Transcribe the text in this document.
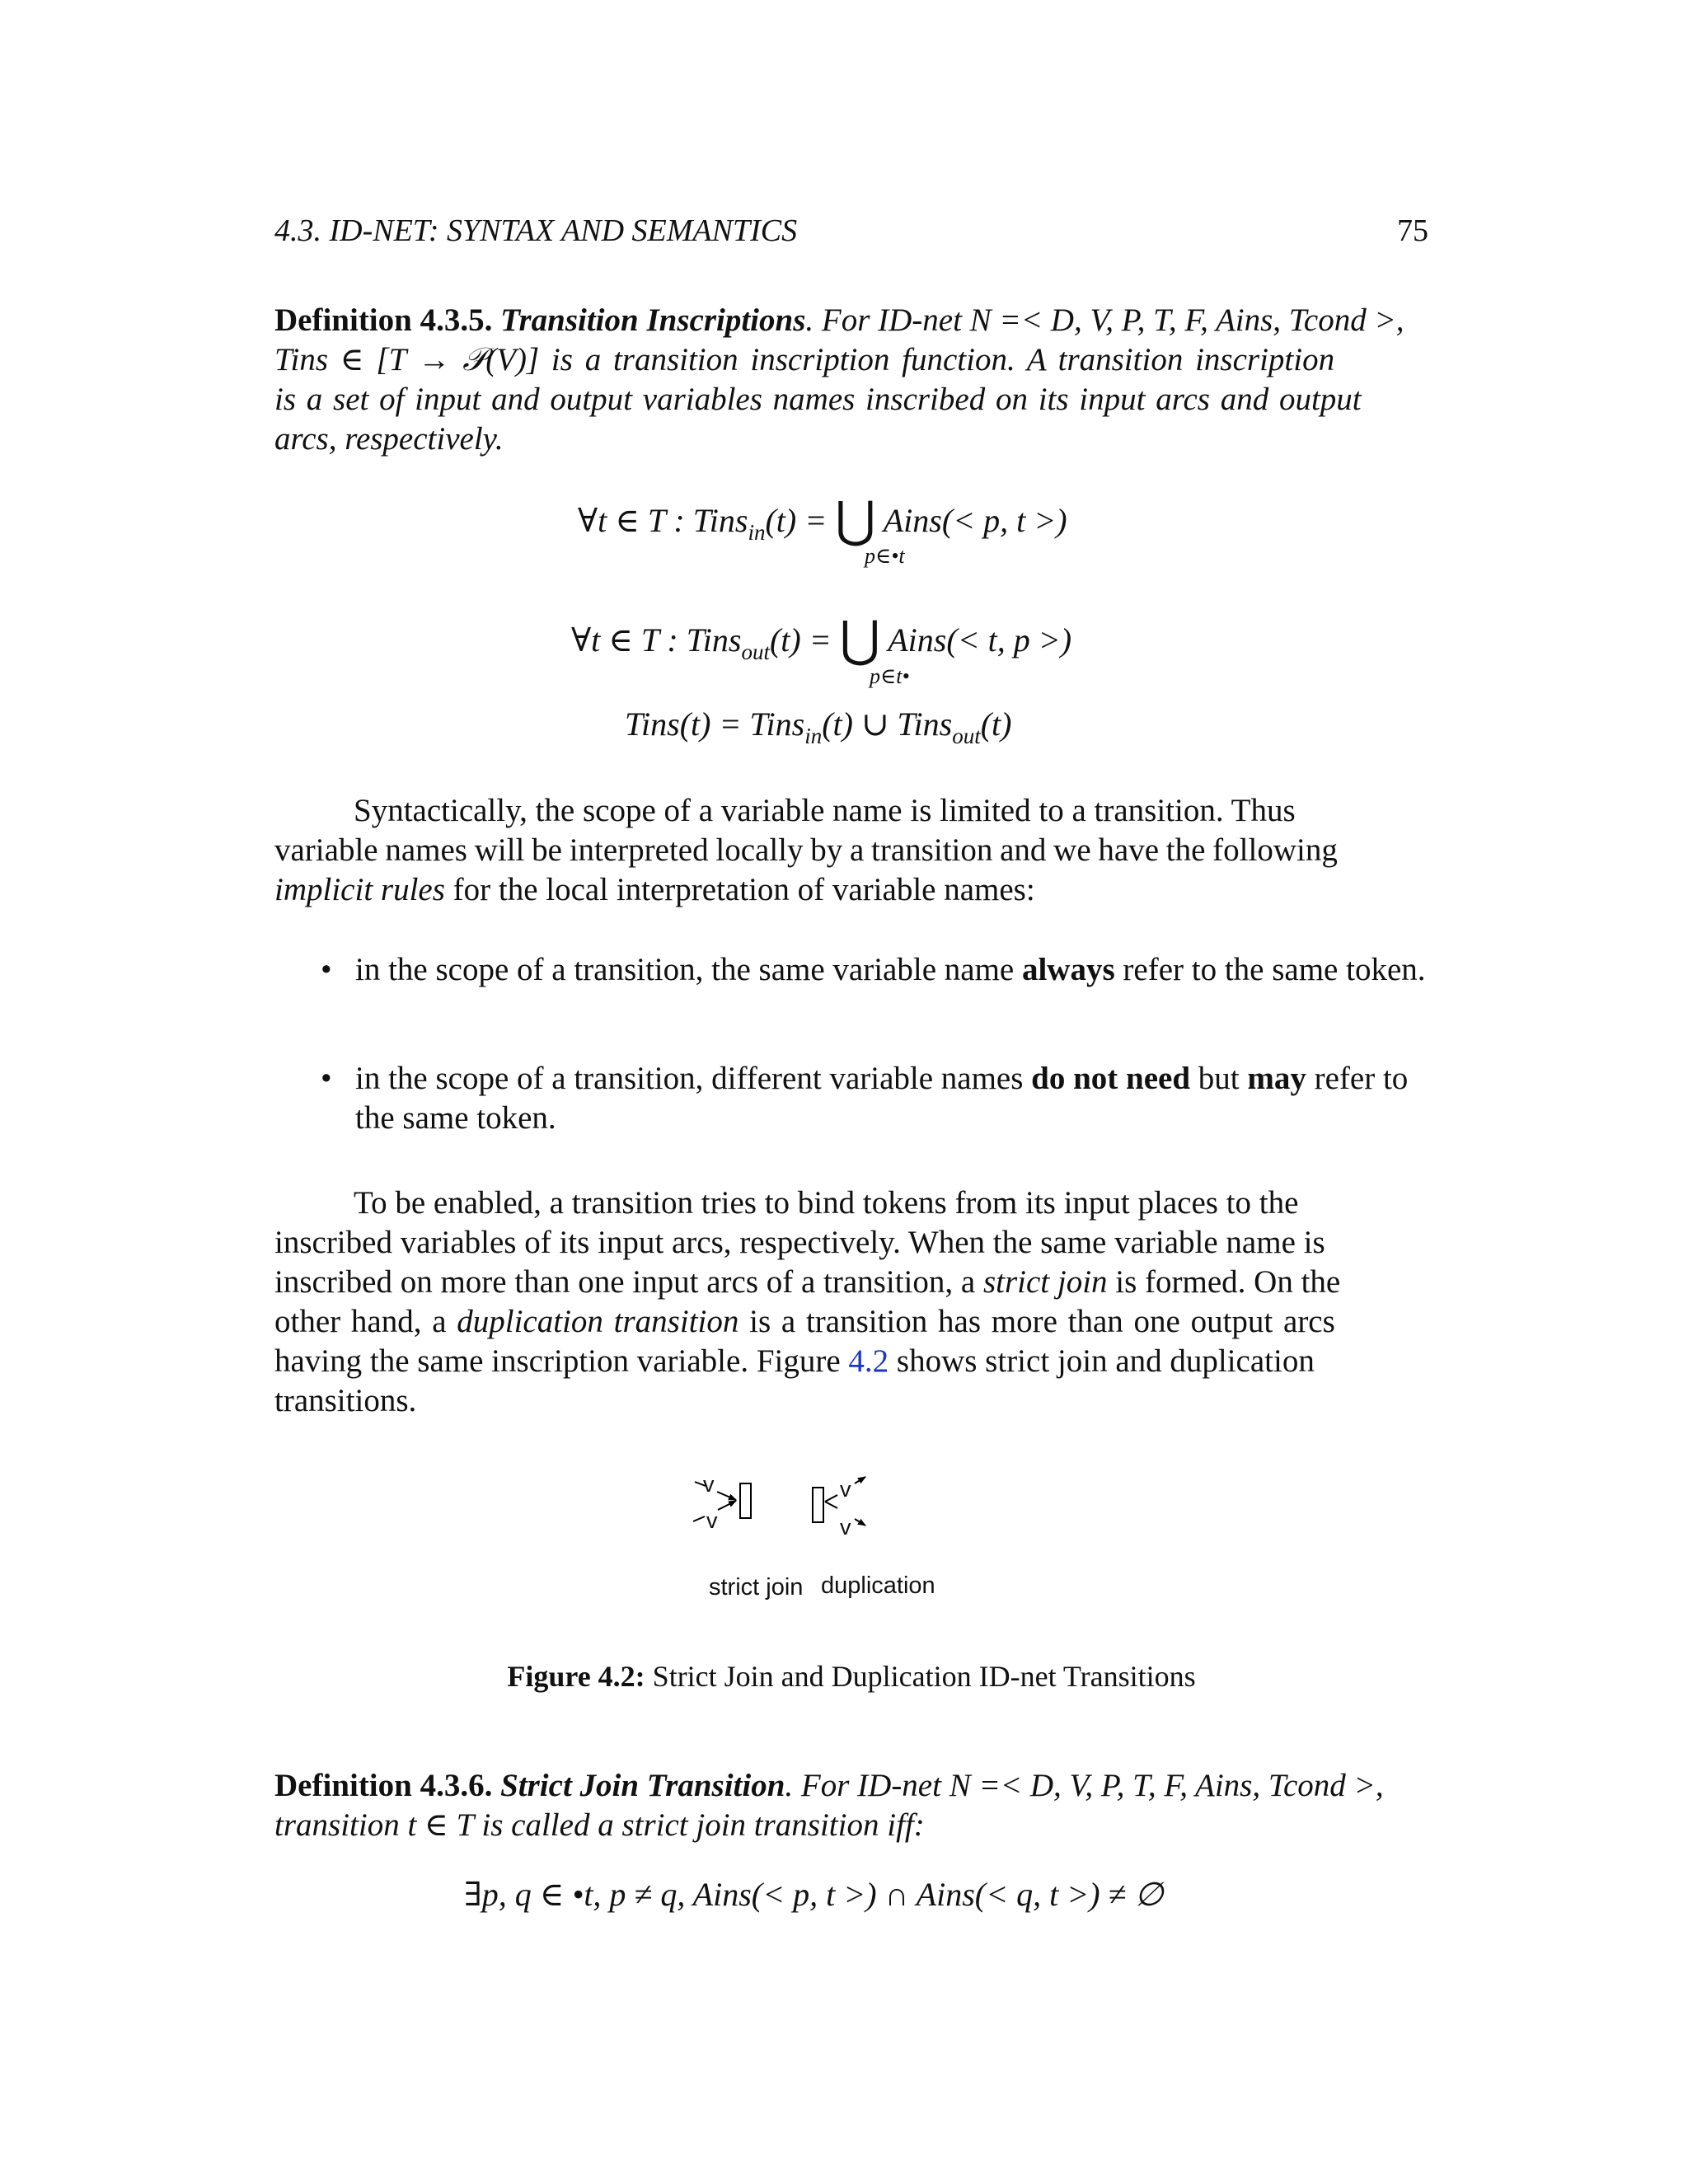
4.3. ID-NET: SYNTAX AND SEMANTICS	75
Definition 4.3.5. Transition Inscriptions. For ID-net N =< D, V, P, T, F, Ains, Tcond >,
Tins ∈ [T → 𝒫(V)] is a transition inscription function. A transition inscription
is a set of input and output variables names inscribed on its input arcs and output
arcs, respectively.
∀t ∈ T : Tins$_{in}$(t) = ⋃ Ains(< p, t >)
p∈•t
∀t ∈ T : Tins$_{out}$(t) = ⋃ Ains(< t, p >)
p∈t•
Tins(t) = Tins$_{in}$(t) ∪ Tins$_{out}$(t)
Syntactically, the scope of a variable name is limited to a transition. Thus
variable names will be interpreted locally by a transition and we have the following
implicit rules for the local interpretation of variable names:
• in the scope of a transition, the same variable name always refer to the same token.
• in the scope of a transition, different variable names do not need but may refer to the same token.
To be enabled, a transition tries to bind tokens from its input places to the
inscribed variables of its input arcs, respectively. When the same variable name is
inscribed on more than one input arcs of a transition, a strict join is formed. On the
other hand, a duplication transition is a transition has more than one output arcs
having the same inscription variable. Figure 4.2 shows strict join and duplication
transitions.
v
v
v
v
strict join duplication
Figure 4.2: Strict Join and Duplication ID-net Transitions
Definition 4.3.6. Strict Join Transition. For ID-net N =< D, V, P, T, F, Ains, Tcond >,
transition t ∈ T is called a strict join transition iff:
∃p, q ∈ •t, p ≠ q, Ains(< p, t >) ∩ Ains(< q, t >) ≠ ∅
